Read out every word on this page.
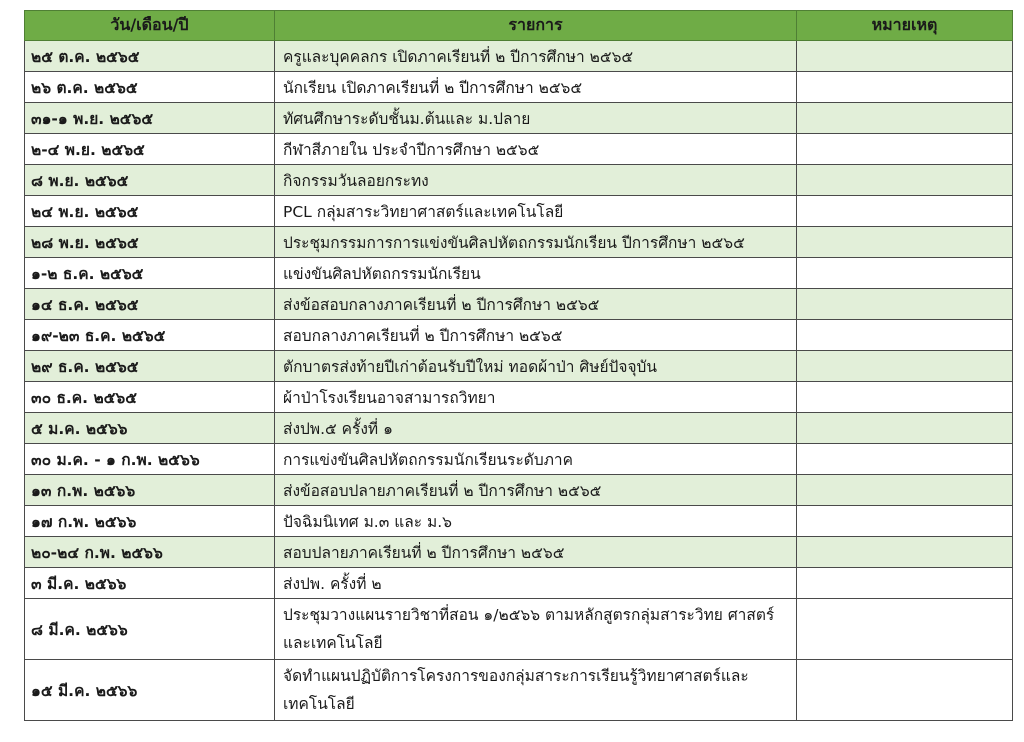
วัน/เดือน/ปี	รายการ	หมายเหตุ
๒๕ ต.ค. ๒๕๖๕	ครูและบุคคลกร เปิดภาคเรียนที่ ๒ ปีการศึกษา ๒๕๖๕	
๒๖ ต.ค. ๒๕๖๕	นักเรียน เปิดภาคเรียนที่ ๒ ปีการศึกษา ๒๕๖๕	
๓๑-๑ พ.ย. ๒๕๖๕	ทัศนศึกษาระดับชั้นม.ต้นและ ม.ปลาย	
๒-๔ พ.ย. ๒๕๖๕	กีฬาสีภายใน ประจำปีการศึกษา ๒๕๖๕	
๘ พ.ย. ๒๕๖๕	กิจกรรมวันลอยกระทง	
๒๔ พ.ย. ๒๕๖๕	PCL กลุ่มสาระวิทยาศาสตร์และเทคโนโลยี	
๒๘ พ.ย. ๒๕๖๕	ประชุมกรรมการการแข่งขันศิลปหัตถกรรมนักเรียน ปีการศึกษา ๒๕๖๕	
๑-๒ ธ.ค. ๒๕๖๕	แข่งขันศิลปหัตถกรรมนักเรียน	
๑๔ ธ.ค. ๒๕๖๕	ส่งข้อสอบกลางภาคเรียนที่ ๒ ปีการศึกษา ๒๕๖๕	
๑๙-๒๓ ธ.ค. ๒๕๖๕	สอบกลางภาคเรียนที่ ๒ ปีการศึกษา ๒๕๖๕	
๒๙ ธ.ค. ๒๕๖๕	ตักบาตรส่งท้ายปีเก่าต้อนรับปีใหม่ ทอดผ้าป่า ศิษย์ปัจจุบัน	
๓๐ ธ.ค. ๒๕๖๕	ผ้าป่าโรงเรียนอาจสามารถวิทยา	
๕ ม.ค. ๒๕๖๖	ส่งปพ.๕ ครั้งที่ ๑	
๓๐ ม.ค. - ๑ ก.พ. ๒๕๖๖	การแข่งขันศิลปหัตถกรรมนักเรียนระดับภาค	
๑๓ ก.พ. ๒๕๖๖	ส่งข้อสอบปลายภาคเรียนที่ ๒ ปีการศึกษา ๒๕๖๕	
๑๗ ก.พ. ๒๕๖๖	ปัจฉิมนิเทศ ม.๓ และ ม.๖	
๒๐-๒๔ ก.พ. ๒๕๖๖	สอบปลายภาคเรียนที่ ๒ ปีการศึกษา ๒๕๖๕	
๓ มี.ค. ๒๕๖๖	ส่งปพ. ครั้งที่ ๒	
๘ มี.ค. ๒๕๖๖	ประชุมวางแผนรายวิชาที่สอน ๑/๒๕๖๖ ตามหลักสูตรกลุ่มสาระวิทย ศาสตร์และเทคโนโลยี	
๑๕ มี.ค. ๒๕๖๖	จัดทำแผนปฏิบัติการโครงการของกลุ่มสาระการเรียนรู้วิทยาศาสตร์และ เทคโนโลยี	
